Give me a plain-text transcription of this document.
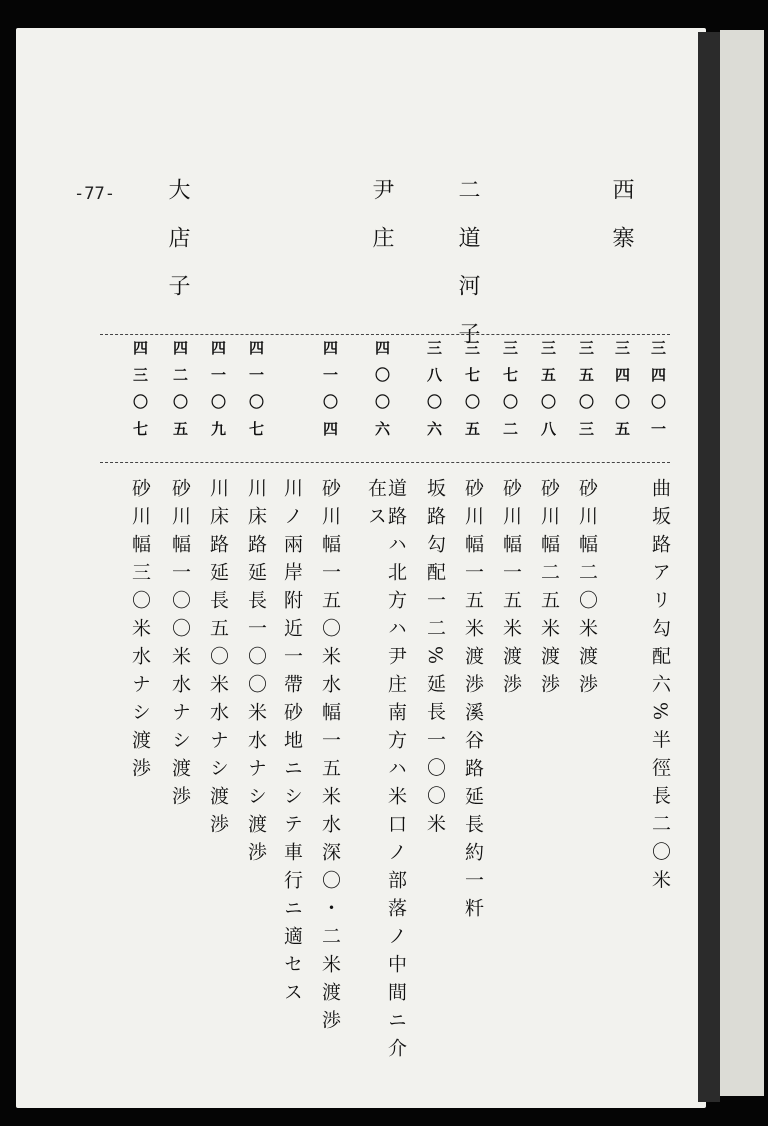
-77-	西寨
二道河子
尹庄
大店子
三四〇一
三四〇五
三五〇三
三五〇八
三七〇二
三七〇五
三八〇六
四〇〇六
四一〇四
四一〇七
四一〇九
四二〇五
四三〇七
曲坂路アリ勾配六%半徑長二〇米
砂川幅二〇米渡渉
砂川幅二五米渡渉
砂川幅一五米渡渉
砂川幅一五米渡渉溪谷路延長約一粁
坂路勾配一二%延長一〇〇米
道路ハ北方ハ尹庄南方ハ米口ノ部落ノ中間ニ介在ス
砂川幅一五〇米水幅一五米水深〇・二米渡渉
川ノ兩岸附近一帶砂地ニシテ車行ニ適セス
川床路延長一〇〇米水ナシ渡渉
川床路延長五〇米水ナシ渡渉
砂川幅一〇〇米水ナシ渡渉
砂川幅三〇米水ナシ渡渉
